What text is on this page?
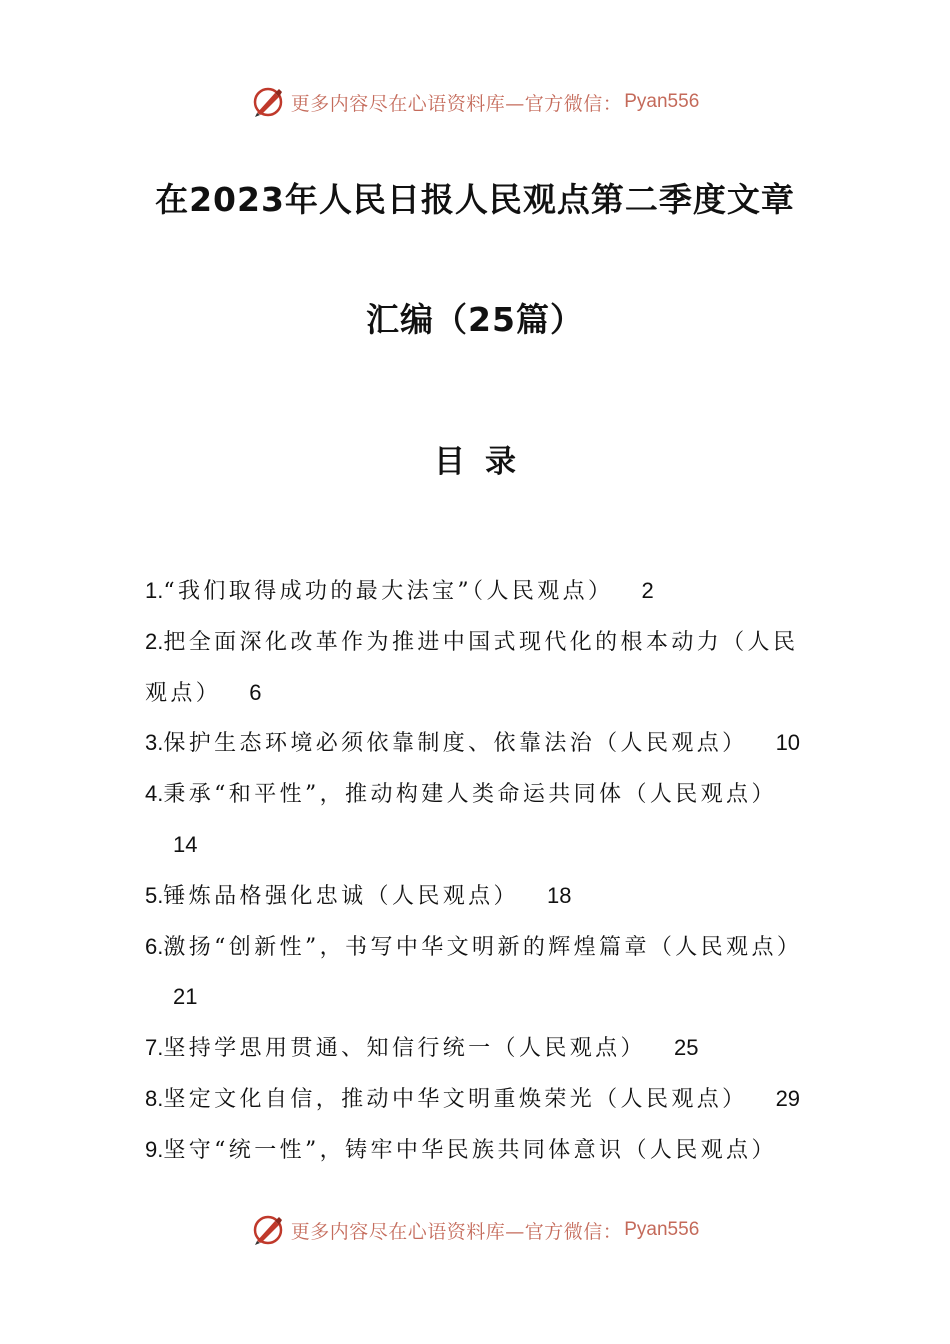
更多内容尽在心语资料库—官方微信： Pyan556
在2023年人民日报人民观点第二季度文章
汇编（25篇）
目录
1.“我们取得成功的最大法宝”（人民观点） 2
2.把全面深化改革作为推进中国式现代化的根本动力（人民观点） 6
3.保护生态环境必须依靠制度、依靠法治（人民观点） 10
4.秉承“和平性”，推动构建人类命运共同体（人民观点）14
5.锤炼品格强化忠诚（人民观点） 18
6.激扬“创新性”，书写中华文明新的辉煌篇章（人民观点）21
7.坚持学思用贯通、知信行统一（人民观点） 25
8.坚定文化自信，推动中华文明重焕荣光（人民观点） 29
9.坚守“统一性”，铸牢中华民族共同体意识（人民观点）
更多内容尽在心语资料库—官方微信： Pyan556
